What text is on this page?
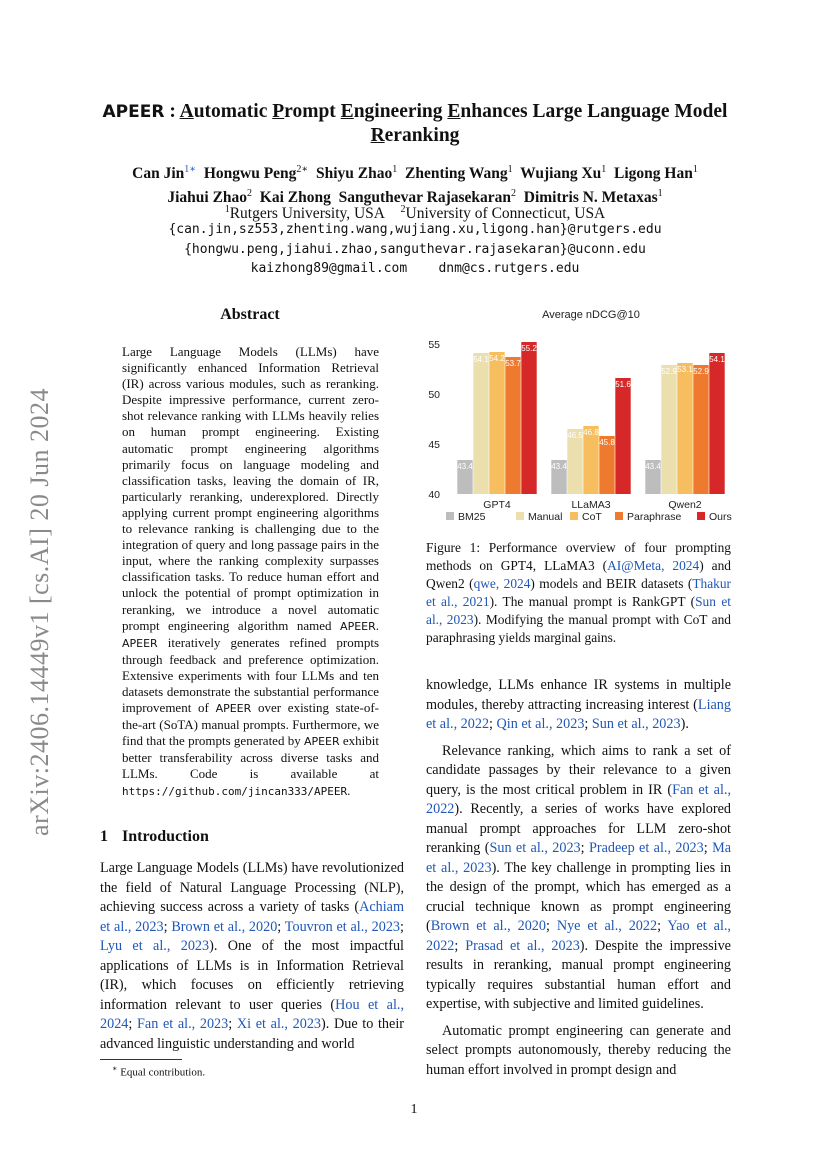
arXiv:2406.14449v1 [cs.AI] 20 Jun 2024
APEER : Automatic Prompt Engineering Enhances Large Language Model
Reranking
Can Jin$^{1∗}$ Hongwu Peng$^{2∗}$ Shiyu Zhao$^1$ Zhenting Wang$^1$ Wujiang Xu$^1$ Ligong Han$^1$
Jiahui Zhao$^2$ Kai Zhong Sanguthevar Rajasekaran$^2$ Dimitris N. Metaxas$^1$
$^1$Rutgers University, USA $^2$University of Connecticut, USA
{can.jin,sz553,zhenting.wang,wujiang.xu,ligong.han}@rutgers.edu
{hongwu.peng,jiahui.zhao,sanguthevar.rajasekaran}@uconn.edu
kaizhong89@gmail.com    dnm@cs.rutgers.edu
Abstract
Large Language Models (LLMs) have significantly enhanced Information Retrieval (IR) across various modules, such as reranking. Despite impressive performance, current zero-shot relevance ranking with LLMs heavily relies on human prompt engineering. Existing automatic prompt engineering algorithms primarily focus on language modeling and classification tasks, leaving the domain of IR, particularly reranking, underexplored. Directly applying current prompt engineering algorithms to relevance ranking is challenging due to the integration of query and long passage pairs in the input, where the ranking complexity surpasses classification tasks. To reduce human effort and unlock the potential of prompt optimization in reranking, we introduce a novel automatic prompt engineering algorithm named APEER. APEER iteratively generates refined prompts through feedback and preference optimization. Extensive experiments with four LLMs and ten datasets demonstrate the substantial performance improvement of APEER over existing state-of-the-art (SoTA) manual prompts. Furthermore, we find that the prompts generated by APEER exhibit better transferability across diverse tasks and LLMs. Code is available at https://github.com/jincan333/APEER.
1 Introduction

Large Language Models (LLMs) have revolutionized the field of Natural Language Processing (NLP), achieving success across a variety of tasks (Achiam et al., 2023; Brown et al., 2020; Touvron et al., 2023; Lyu et al., 2023). One of the most impactful applications of LLMs is in Information Retrieval (IR), which focuses on efficiently retrieving information relevant to user queries (Hou et al., 2024; Fan et al., 2023; Xi et al., 2023). Due to their advanced linguistic understanding and world

∗ Equal contribution.
Average nDCG@10
40
45
50
55
43.4
54.1 54.2
53.7
55.2
GPT4
43.4
46.5 46.8
45.8
51.6
LLaMA3
43.4
52.9 53.1 52.9
54.1
Qwen2
BM25	Manual CoT Paraphrase	Ours
Figure 1: Performance overview of four prompting methods on GPT4, LLaMA3 (AI@Meta, 2024) and Qwen2 (qwe, 2024) models and BEIR datasets (Thakur et al., 2021). The manual prompt is RankGPT (Sun et al., 2023). Modifying the manual prompt with CoT and paraphrasing yields marginal gains.

knowledge, LLMs enhance IR systems in multiple modules, thereby attracting increasing interest (Liang et al., 2022; Qin et al., 2023; Sun et al., 2023).

Relevance ranking, which aims to rank a set of candidate passages by their relevance to a given query, is the most critical problem in IR (Fan et al., 2022). Recently, a series of works have explored manual prompt approaches for LLM zero-shot reranking (Sun et al., 2023; Pradeep et al., 2023; Ma et al., 2023). The key challenge in prompting lies in the design of the prompt, which has emerged as a crucial technique known as prompt engineering (Brown et al., 2020; Nye et al., 2022; Yao et al., 2022; Prasad et al., 2023). Despite the impressive results in reranking, manual prompt engineering typically requires substantial human effort and expertise, with subjective and limited guidelines.

Automatic prompt engineering can generate and select prompts autonomously, thereby reducing the human effort involved in prompt design and

1
